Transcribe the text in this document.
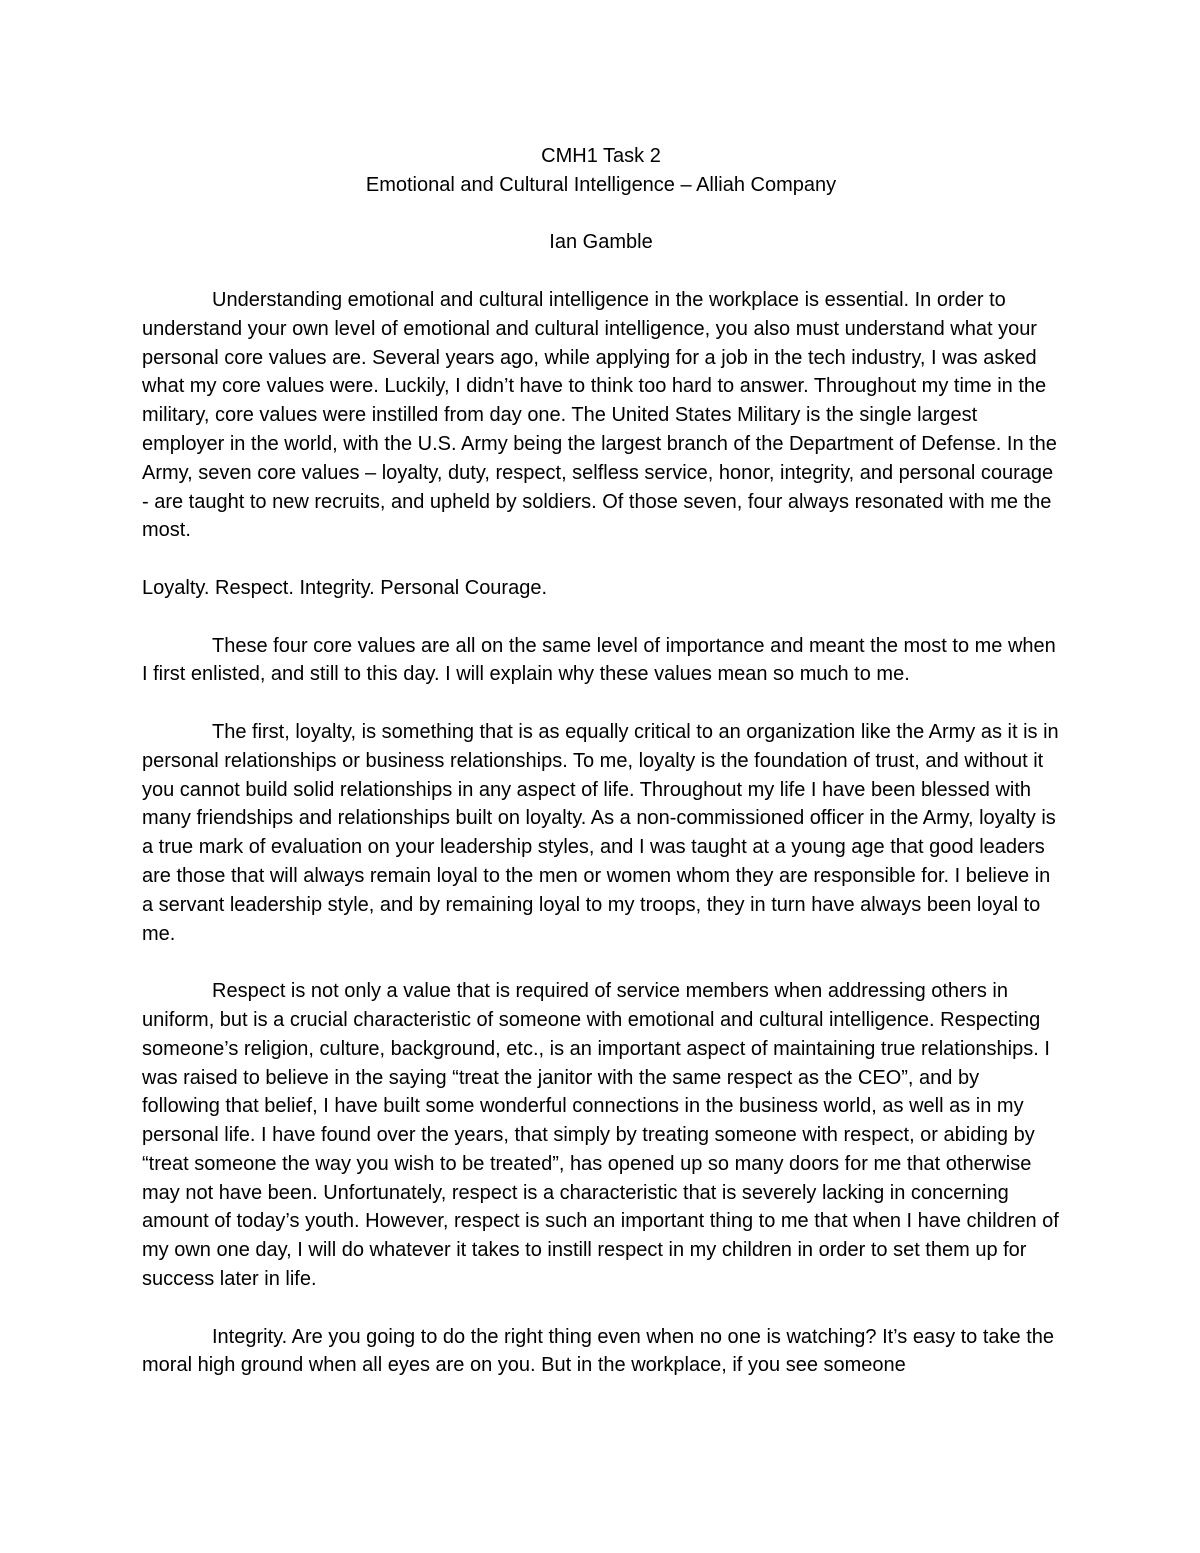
CMH1 Task 2

Emotional and Cultural Intelligence – Alliah Company

Ian Gamble

Understanding emotional and cultural intelligence in the workplace is essential. In order to understand your own level of emotional and cultural intelligence, you also must understand what your personal core values are. Several years ago, while applying for a job in the tech industry, I was asked what my core values were. Luckily, I didn’t have to think too hard to answer. Throughout my time in the military, core values were instilled from day one. The United States Military is the single largest employer in the world, with the U.S. Army being the largest branch of the Department of Defense. In the Army, seven core values – loyalty, duty, respect, selfless service, honor, integrity, and personal courage - are taught to new recruits, and upheld by soldiers. Of those seven, four always resonated with me the most.

Loyalty. Respect. Integrity. Personal Courage.

These four core values are all on the same level of importance and meant the most to me when I first enlisted, and still to this day. I will explain why these values mean so much to me.

The first, loyalty, is something that is as equally critical to an organization like the Army as it is in personal relationships or business relationships. To me, loyalty is the foundation of trust, and without it you cannot build solid relationships in any aspect of life. Throughout my life I have been blessed with many friendships and relationships built on loyalty. As a non-commissioned officer in the Army, loyalty is a true mark of evaluation on your leadership styles, and I was taught at a young age that good leaders are those that will always remain loyal to the men or women whom they are responsible for. I believe in a servant leadership style, and by remaining loyal to my troops, they in turn have always been loyal to me.

Respect is not only a value that is required of service members when addressing others in uniform, but is a crucial characteristic of someone with emotional and cultural intelligence. Respecting someone’s religion, culture, background, etc., is an important aspect of maintaining true relationships. I was raised to believe in the saying “treat the janitor with the same respect as the CEO”, and by following that belief, I have built some wonderful connections in the business world, as well as in my personal life. I have found over the years, that simply by treating someone with respect, or abiding by “treat someone the way you wish to be treated”, has opened up so many doors for me that otherwise may not have been. Unfortunately, respect is a characteristic that is severely lacking in concerning amount of today’s youth. However, respect is such an important thing to me that when I have children of my own one day, I will do whatever it takes to instill respect in my children in order to set them up for success later in life.

Integrity. Are you going to do the right thing even when no one is watching? It’s easy to take the moral high ground when all eyes are on you. But in the workplace, if you see someone
